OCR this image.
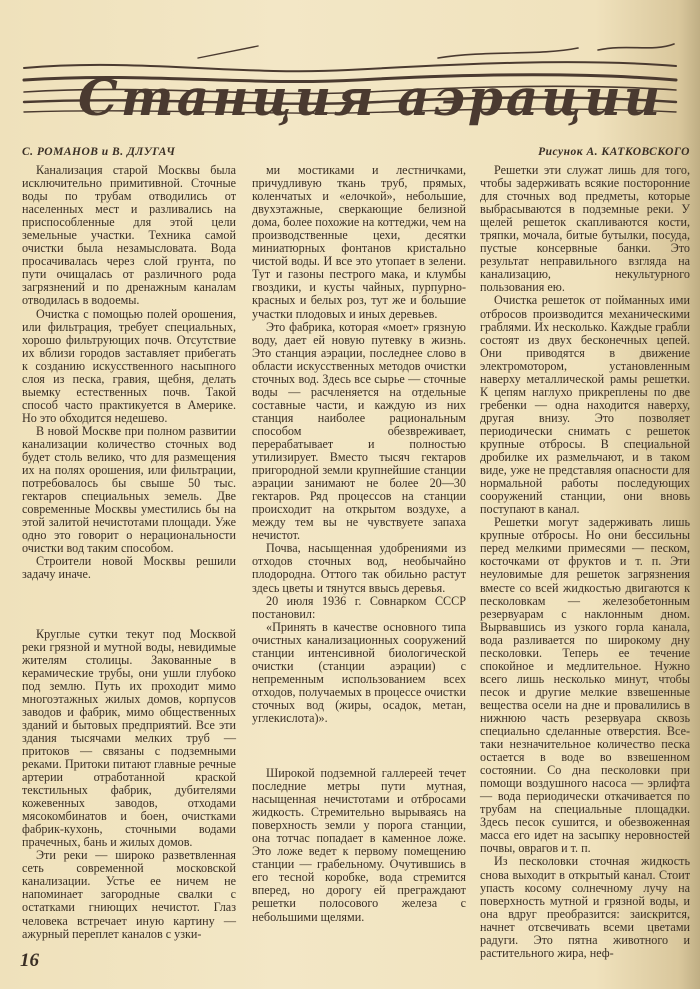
Станция аэрации
С. РОМАНОВ и В. ДЛУГАЧ	Рисунок А. КАТКОВСКОГО

Канализация старой Москвы была исключительно примитивной. Сточные воды по трубам отводились от населенных мест и разливались на приспособленные для этой цели земельные участки. Техника самой очистки была незамысловата. Вода просачивалась через слой грунта, по пути очищалась от различного рода загрязнений и по дренажным каналам отводилась в водоемы.

Очистка с помощью полей орошения, или фильтрация, требует специальных, хорошо фильтрующих почв. Отсутствие их вблизи городов заставляет прибегать к созданию искусственного насыпного слоя из песка, гравия, щебня, делать выемку естественных почв. Такой способ часто практикуется в Америке. Но это обходится недешево.

В новой Москве при полном развитии канализации количество сточных вод будет столь велико, что для размещения их на полях орошения, или фильтрации, потребовалось бы свыше 50 тыс. гектаров специальных земель. Две современные Москвы уместились бы на этой залитой нечистотами площади. Уже одно это говорит о нерациональности очистки вод таким способом.

Строители новой Москвы решили задачу иначе.

Круглые сутки текут под Москвой реки грязной и мутной воды, невидимые жителям столицы. Закованные в керамические трубы, они ушли глубоко под землю. Путь их проходит мимо многоэтажных жилых домов, корпусов заводов и фабрик, мимо общественных зданий и бытовых предприятий. Все эти здания тысячами мелких труб — притоков — связаны с подземными реками. Притоки питают главные речные артерии отработанной краской текстильных фабрик, дубителями кожевенных заводов, отходами мясокомбинатов и боен, очистками фабрик-кухонь, сточными водами прачечных, бань и жилых домов.

Эти реки — широко разветвленная сеть современной московской канализации. Устье ее ничем не напоминает загородные свалки с остатками гниющих нечистот. Глаз человека встречает иную картину — ажурный переплет каналов с узки-

ми мостиками и лестничками, причудливую ткань труб, прямых, коленчатых и «елочкой», небольшие, двухэтажные, сверкающие белизной дома, более похожие на коттеджи, чем на производственные цехи, десятки миниатюрных фонтанов кристально чистой воды. И все это утопает в зелени. Тут и газоны пестрого мака, и клумбы гвоздики, и кусты чайных, пурпурно-красных и белых роз, тут же и большие участки плодовых и иных деревьев.

Это фабрика, которая «моет» грязную воду, дает ей новую путевку в жизнь. Это станция аэрации, последнее слово в области искусственных методов очистки сточных вод. Здесь все сырье — сточные воды — расчленяется на отдельные составные части, и каждую из них станция наиболее рациональным способом обезвреживает, перерабатывает и полностью утилизирует. Вместо тысяч гектаров пригородной земли крупнейшие станции аэрации занимают не более 20—30 гектаров. Ряд процессов на станции происходит на открытом воздухе, а между тем вы не чувствуете запаха нечистот.

Почва, насыщенная удобрениями из отходов сточных вод, необычайно плодородна. Оттого так обильно растут здесь цветы и тянутся ввысь деревья.

20 июля 1936 г. Совнарком СССР постановил:

«Принять в качестве основного типа очистных канализационных сооружений станции интенсивной биологической очистки (станции аэрации) с непременным использованием всех отходов, получаемых в процессе очистки сточных вод (жиры, осадок, метан, углекислота)».

Широкой подземной галлереей течет последние метры пути мутная, насыщенная нечистотами и отбросами жидкость. Стремительно вырываясь на поверхность земли у порога станции, она тотчас попадает в каменное ложе. Это ложе ведет к первому помещению станции — грабельному. Очутившись в его тесной коробке, вода стремится вперед, но дорогу ей преграждают решетки полосового железа с небольшими щелями.

Решетки эти служат лишь для того, чтобы задерживать всякие посторонние для сточных вод предметы, которые выбрасываются в подземные реки. У щелей решеток скапливаются кости, тряпки, мочала, битые бутылки, посуда, пустые консервные банки. Это результат неправильного взгляда на канализацию, некультурного пользования ею.

Очистка решеток от пойманных ими отбросов производится механическими граблями. Их несколько. Каждые грабли состоят из двух бесконечных цепей. Они приводятся в движение электромотором, установленным наверху металлической рамы решетки. К цепям наглухо прикреплены по две гребенки — одна находится наверху, другая внизу. Это позволяет периодически снимать с решеток крупные отбросы. В специальной дробилке их размельчают, и в таком виде, уже не представляя опасности для нормальной работы последующих сооружений станции, они вновь поступают в канал.

Решетки могут задерживать лишь крупные отбросы. Но они бессильны перед мелкими примесями — песком, косточками от фруктов и т. п. Эти неуловимые для решеток загрязнения вместе со всей жидкостью двигаются к песколовкам — железобетонным резервуарам с наклонным дном. Вырвавшись из узкого горла канала, вода разливается по широкому дну песколовки. Теперь ее течение спокойное и медлительное. Нужно всего лишь несколько минут, чтобы песок и другие мелкие взвешенные вещества осели на дне и провалились в нижнюю часть резервуара сквозь специально сделанные отверстия. Все-таки незначительное количество песка остается в воде во взвешенном состоянии. Со дна песколовки при помощи воздушного насоса — эрлифта — вода периодически откачивается по трубам на специальные площадки. Здесь песок сушится, и обезвоженная масса его идет на засыпку неровностей почвы, оврагов и т. п.

Из песколовки сточная жидкость снова выходит в открытый канал. Стоит упасть косому солнечному лучу на поверхность мутной и грязной воды, и она вдруг преобразится: заискрится, начнет отсвечивать всеми цветами радуги. Это пятна животного и растительного жира, неф-

16
